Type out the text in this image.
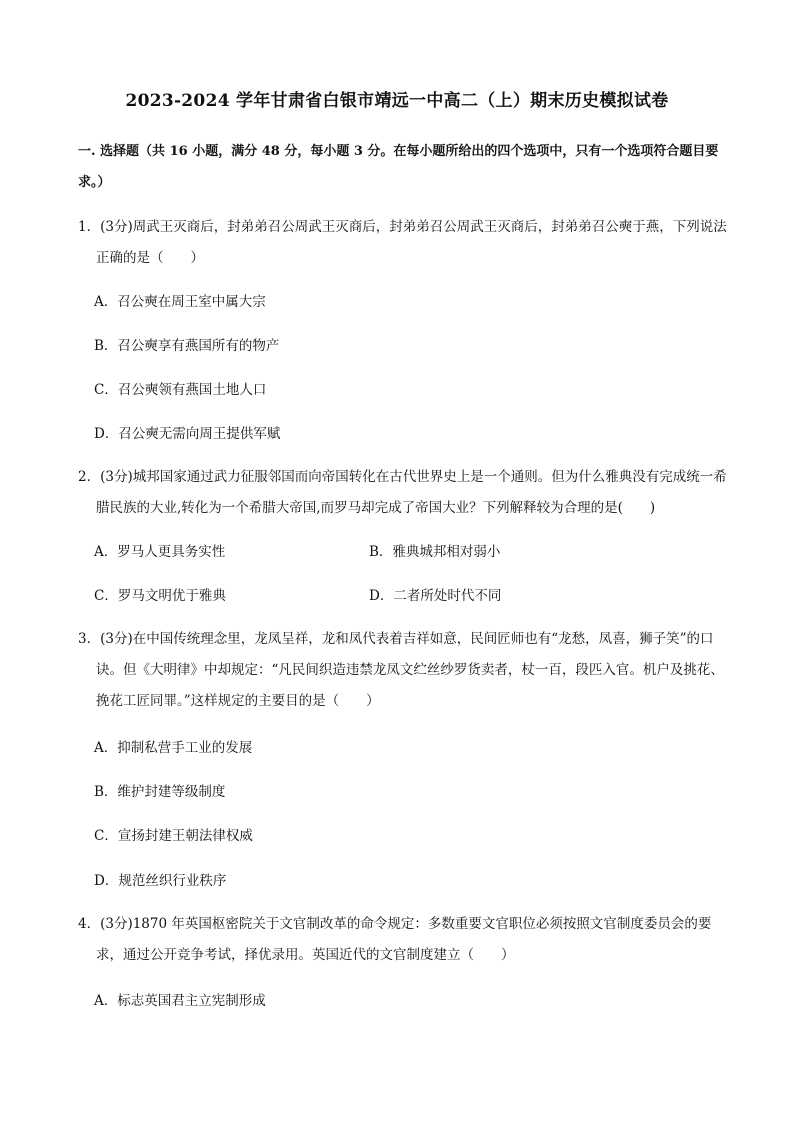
2023-2024 学年甘肃省白银市靖远一中高二（上）期末历史模拟试卷
一. 选择题（共 16 小题，满分 48 分，每小题 3 分。在每小题所给出的四个选项中，只有一个选项符合题目要求。）
1．(3分)周武王灭商后，封弟弟召公周武王灭商后，封弟弟召公周武王灭商后，封弟弟召公奭于燕，下列说法正确的是（　　）
A．召公奭在周王室中属大宗
B．召公奭享有燕国所有的物产
C．召公奭领有燕国土地人口
D．召公奭无需向周王提供军赋
2．(3分)城邦国家通过武力征服邻国而向帝国转化在古代世界史上是一个通则。但为什么雅典没有完成统一希腊民族的大业,转化为一个希腊大帝国,而罗马却完成了帝国大业？下列解释较为合理的是(　　)
A．罗马人更具务实性	B．雅典城邦相对弱小
C．罗马文明优于雅典	D．二者所处时代不同
3．(3分)在中国传统理念里，龙凤呈祥，龙和凤代表着吉祥如意，民间匠师也有“龙愁，凤喜，狮子笑”的口诀。但《大明律》中却规定：“凡民间织造违禁龙凤文纻丝纱罗货卖者，杖一百，段匹入官。机户及挑花、挽花工匠同罪。”这样规定的主要目的是（　　）
A．抑制私营手工业的发展
B．维护封建等级制度
C．宣扬封建王朝法律权威
D．规范丝织行业秩序
4．(3分)1870 年英国枢密院关于文官制改革的命令规定：多数重要文官职位必须按照文官制度委员会的要求，通过公开竞争考试，择优录用。英国近代的文官制度建立（　　）
A．标志英国君主立宪制形成
